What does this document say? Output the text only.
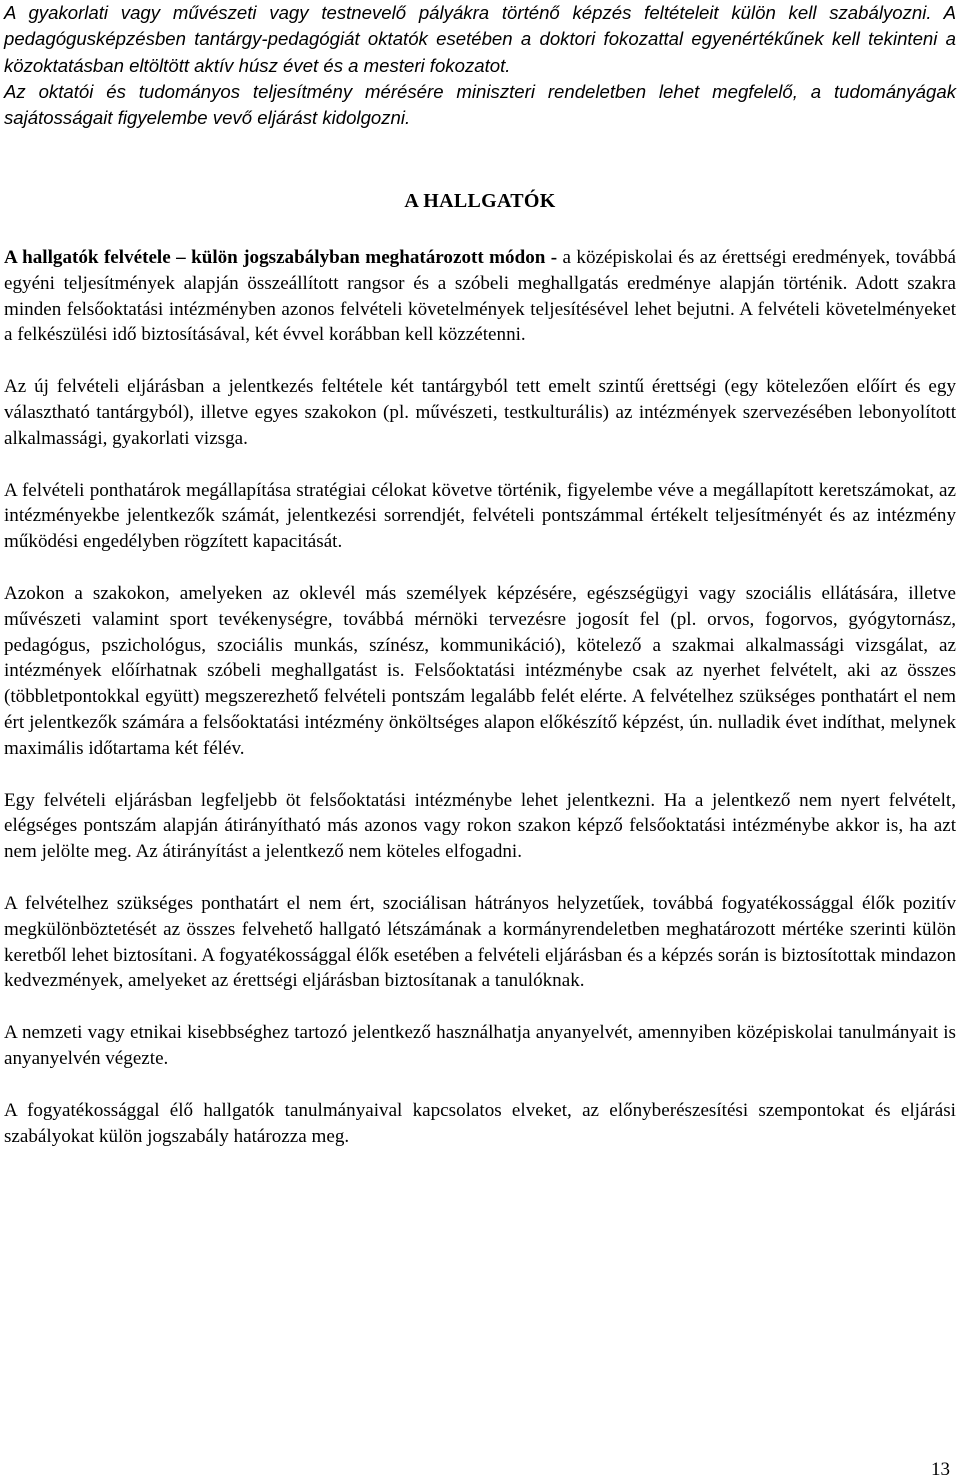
A gyakorlati vagy művészeti vagy testnevelő pályákra történő képzés feltételeit külön kell szabályozni. A pedagógusképzésben tantárgy-pedagógiát oktatók esetében a doktori fokozattal egyenértékűnek kell tekinteni a közoktatásban eltöltött aktív húsz évet és a mesteri fokozatot.

Az oktatói és tudományos teljesítmény mérésére miniszteri rendeletben lehet megfelelő, a tudományágak sajátosságait figyelembe vevő eljárást kidolgozni.

A HALLGATÓK

A hallgatók felvétele – külön jogszabályban meghatározott módon - a középiskolai és az érettségi eredmények, továbbá egyéni teljesítmények alapján összeállított rangsor és a szóbeli meghallgatás eredménye alapján történik. Adott szakra minden felsőoktatási intézményben azonos felvételi követelmények teljesítésével lehet bejutni. A felvételi követelményeket a felkészülési idő biztosításával, két évvel korábban kell közzétenni.

Az új felvételi eljárásban a jelentkezés feltétele két tantárgyból tett emelt szintű érettségi (egy kötelezően előírt és egy választható tantárgyból), illetve egyes szakokon (pl. művészeti, testkulturális) az intézmények szervezésében lebonyolított alkalmassági, gyakorlati vizsga.

A felvételi ponthatárok megállapítása stratégiai célokat követve történik, figyelembe véve a megállapított keretszámokat, az intézményekbe jelentkezők számát, jelentkezési sorrendjét, felvételi pontszámmal értékelt teljesítményét és az intézmény működési engedélyben rögzített kapacitását.

Azokon a szakokon, amelyeken az oklevél más személyek képzésére, egészségügyi vagy szociális ellátására, illetve művészeti valamint sport tevékenységre, továbbá mérnöki tervezésre jogosít fel (pl. orvos, fogorvos, gyógytornász, pedagógus, pszichológus, szociális munkás, színész, kommunikáció), kötelező a szakmai alkalmassági vizsgálat, az intézmények előírhatnak szóbeli meghallgatást is. Felsőoktatási intézménybe csak az nyerhet felvételt, aki az összes (többletpontokkal együtt) megszerezhető felvételi pontszám legalább felét elérte. A felvételhez szükséges ponthatárt el nem ért jelentkezők számára a felsőoktatási intézmény önköltséges alapon előkészítő képzést, ún. nulladik évet indíthat, melynek maximális időtartama két félév.

Egy felvételi eljárásban legfeljebb öt felsőoktatási intézménybe lehet jelentkezni. Ha a jelentkező nem nyert felvételt, elégséges pontszám alapján átirányítható más azonos vagy rokon szakon képző felsőoktatási intézménybe akkor is, ha azt nem jelölte meg. Az átirányítást a jelentkező nem köteles elfogadni.

A felvételhez szükséges ponthatárt el nem ért, szociálisan hátrányos helyzetűek, továbbá fogyatékossággal élők pozitív megkülönböztetését az összes felvehető hallgató létszámának a kormányrendeletben meghatározott mértéke szerinti külön keretből lehet biztosítani. A fogyatékossággal élők esetében a felvételi eljárásban és a képzés során is biztosítottak mindazon kedvezmények, amelyeket az érettségi eljárásban biztosítanak a tanulóknak.

A nemzeti vagy etnikai kisebbséghez tartozó jelentkező használhatja anyanyelvét, amennyiben középiskolai tanulmányait is anyanyelvén végezte.

A fogyatékossággal élő hallgatók tanulmányaival kapcsolatos elveket, az előnyberészesítési szempontokat és eljárási szabályokat külön jogszabály határozza meg.

13
